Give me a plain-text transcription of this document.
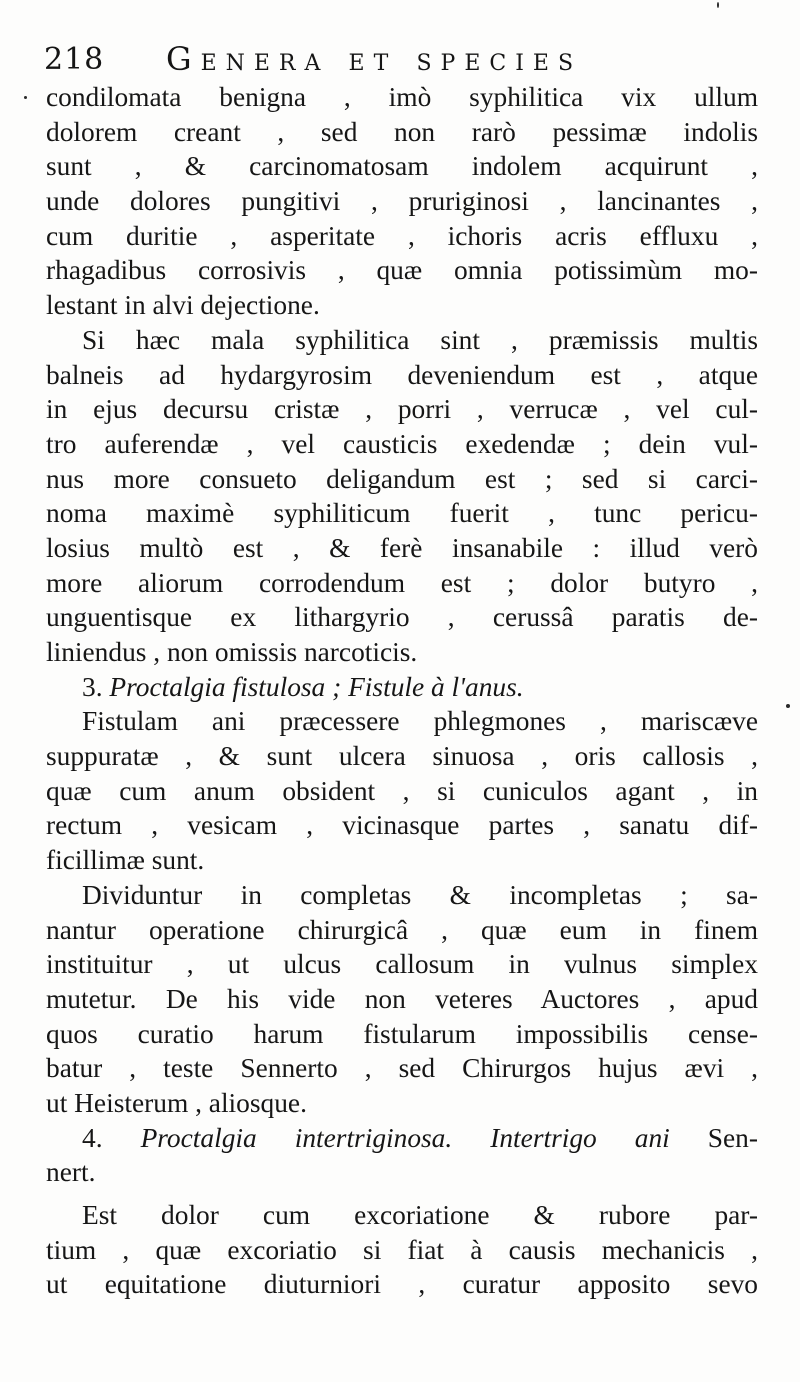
218 Genera et species
condilomata benigna , imò syphilitica vix ullum
dolorem creant , sed non rarò pessimæ indolis
sunt , & carcinomatosam indolem acquirunt ,
unde dolores pungitivi , pruriginosi , lancinantes ,
cum duritie , asperitate , ichoris acris effluxu ,
rhagadibus corrosivis , quæ omnia potissimùm mo-
lestant in alvi dejectione.
Si hæc mala syphilitica sint , præmissis multis
balneis ad hydargyrosim deveniendum est , atque
in ejus decursu cristæ , porri , verrucæ , vel cul-
tro auferendæ , vel causticis exedendæ ; dein vul-
nus more consueto deligandum est ; sed si carci-
noma maximè syphiliticum fuerit , tunc pericu-
losius multò est , & ferè insanabile : illud verò
more aliorum corrodendum est ; dolor butyro ,
unguentisque ex lithargyrio , cerussâ paratis de-
liniendus , non omissis narcoticis.
3. Proctalgia fistulosa ; Fistule à l'anus.
Fistulam ani præcessere phlegmones , mariscæve
suppuratæ , & sunt ulcera sinuosa , oris callosis ,
quæ cum anum obsident , si cuniculos agant , in
rectum , vesicam , vicinasque partes , sanatu dif-
ficillimæ sunt.
Dividuntur in completas & incompletas ; sa-
nantur operatione chirurgicâ , quæ eum in finem
instituitur , ut ulcus callosum in vulnus simplex
mutetur. De his vide non veteres Auctores , apud
quos curatio harum fistularum impossibilis cense-
batur , teste Sennerto , sed Chirurgos hujus ævi ,
ut Heisterum , aliosque.
4. Proctalgia intertriginosa. Intertrigo ani Sen-
nert.
Est dolor cum excoriatione & rubore par-
tium , quæ excoriatio si fiat à causis mechanicis ,
ut equitatione diuturniori , curatur apposito sevo
